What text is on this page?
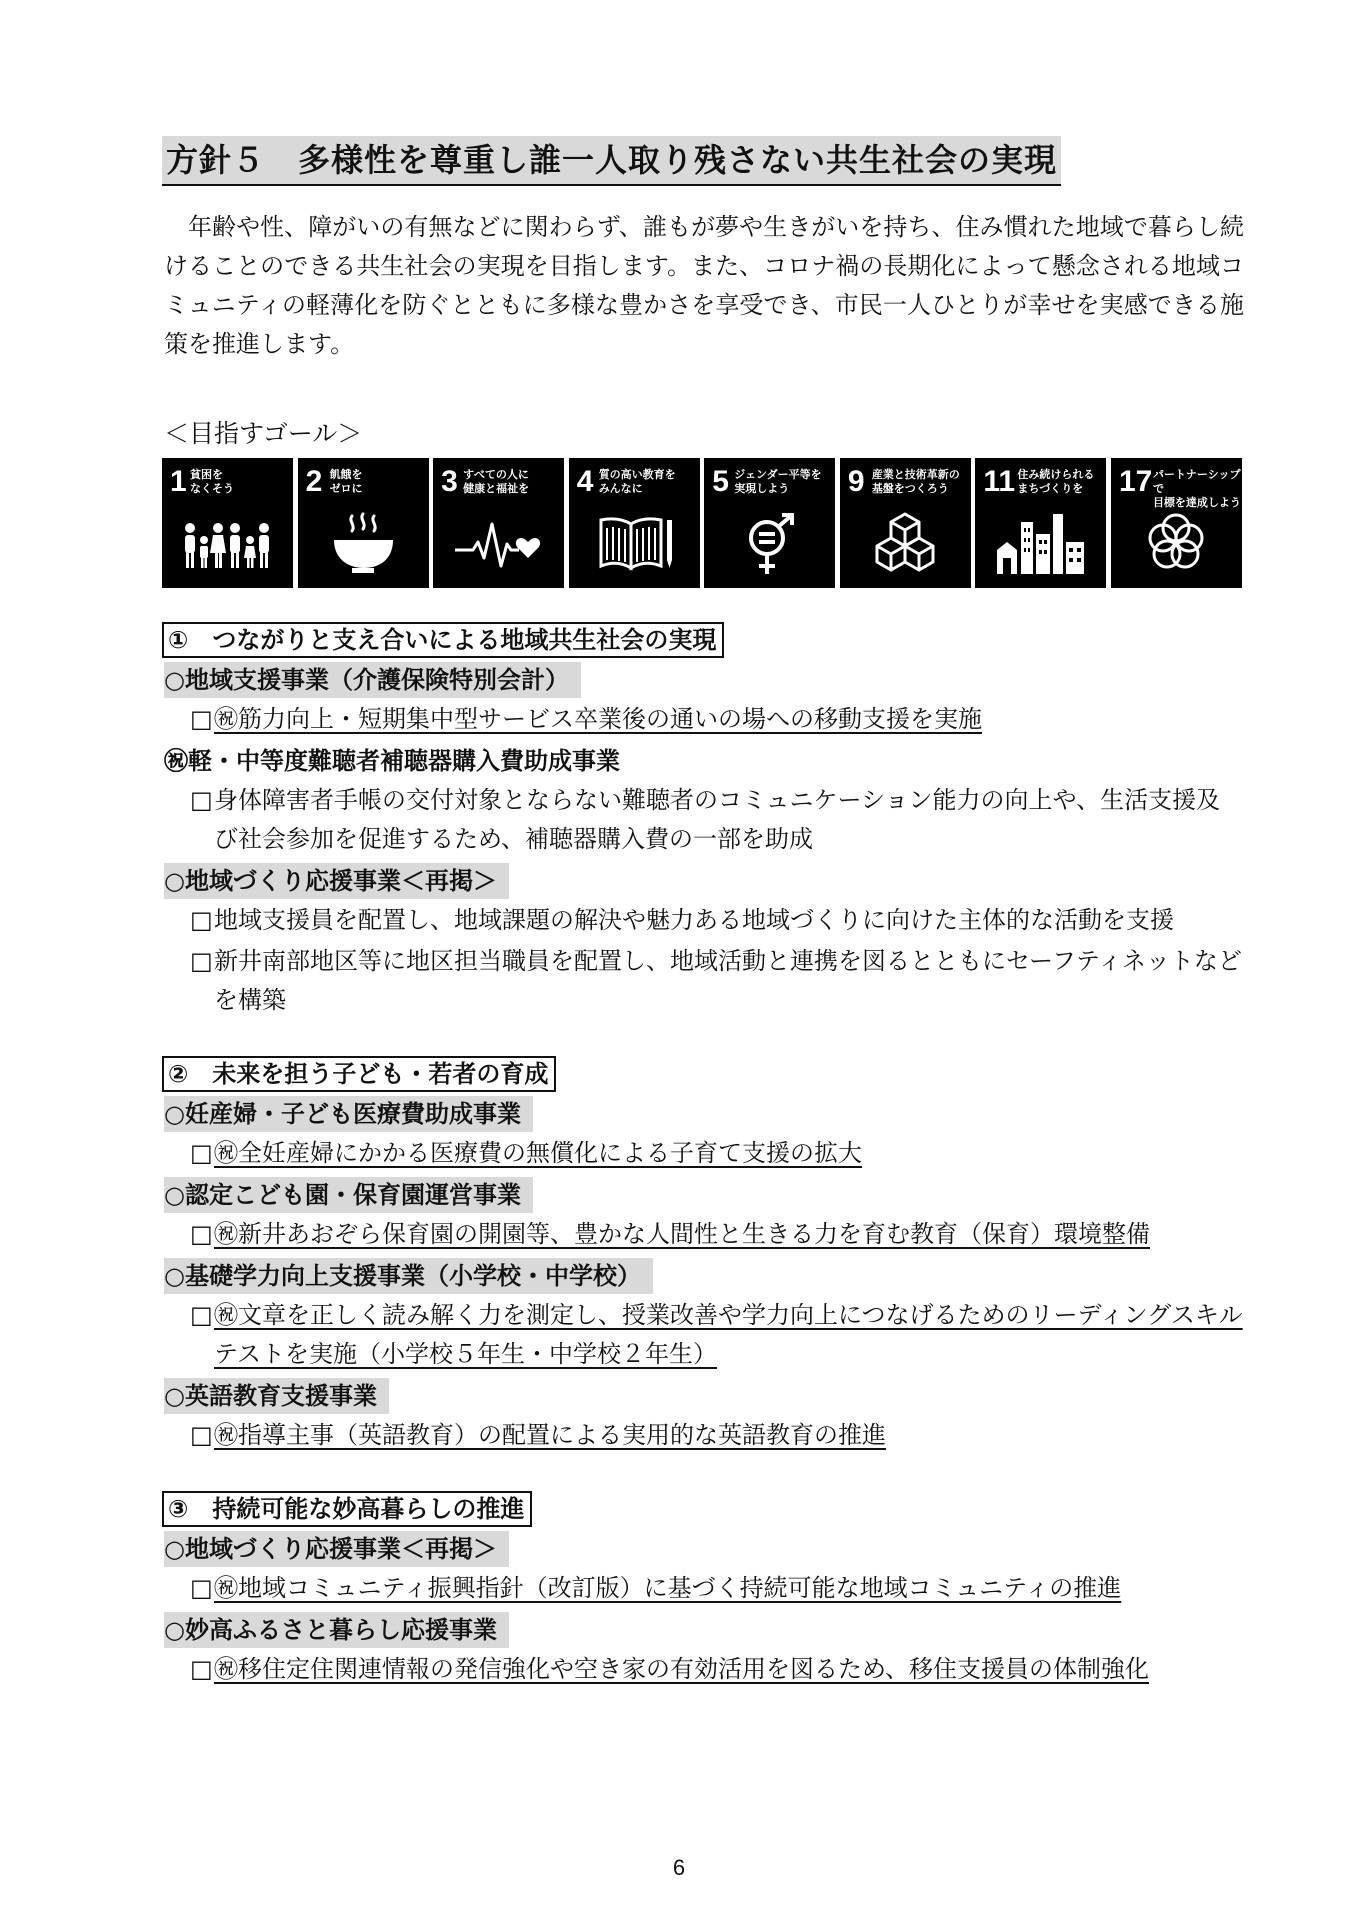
方針５　多様性を尊重し誰一人取り残さない共生社会の実現

年齢や性、障がいの有無などに関わらず、誰もが夢や生きがいを持ち、住み慣れた地域で暮らし続けることのできる共生社会の実現を目指します。また、コロナ禍の長期化によって懸念される地域コミュニティの軽薄化を防ぐとともに多様な豊かさを享受でき、市民一人ひとりが幸せを実感できる施策を推進します。

＜目指すゴール＞

1 貧困を
なくそう 2 飢餓を
ゼロに	3 すべての人に
健康と福祉を 4 質の高い教育を
みんなに	5 ジェンダー平等を
実現しよう	9 産業と技術革新の
基盤をつくろう	11 住み続けられる
まちづくりを	17 パートナーシップで
目標を達成しよう
①　つながりと支え合いによる地域共生社会の実現
○地域支援事業（介護保険特別会計）
□ ㊗筋力向上・短期集中型サービス卒業後の通いの場への移動支援を実施
㊗軽・中等度難聴者補聴器購入費助成事業
□ 身体障害者手帳の交付対象とならない難聴者のコミュニケーション能力の向上や、生活支援及び社会参加を促進するため、補聴器購入費の一部を助成
○地域づくり応援事業＜再掲＞
□ 地域支援員を配置し、地域課題の解決や魅力ある地域づくりに向けた主体的な活動を支援
□ 新井南部地区等に地区担当職員を配置し、地域活動と連携を図るとともにセーフティネットなどを構築
②　未来を担う子ども・若者の育成
○妊産婦・子ども医療費助成事業
□ ㊗全妊産婦にかかる医療費の無償化による子育て支援の拡大
○認定こども園・保育園運営事業
□ ㊗新井あおぞら保育園の開園等、豊かな人間性と生きる力を育む教育（保育）環境整備
○基礎学力向上支援事業（小学校・中学校）
□ ㊗文章を正しく読み解く力を測定し、授業改善や学力向上につなげるためのリーディングスキルテストを実施（小学校５年生・中学校２年生）
○英語教育支援事業
□ ㊗指導主事（英語教育）の配置による実用的な英語教育の推進
③　持続可能な妙高暮らしの推進
○地域づくり応援事業＜再掲＞
□ ㊗地域コミュニティ振興指針（改訂版）に基づく持続可能な地域コミュニティの推進
○妙高ふるさと暮らし応援事業
□ ㊗移住定住関連情報の発信強化や空き家の有効活用を図るため、移住支援員の体制強化
6
